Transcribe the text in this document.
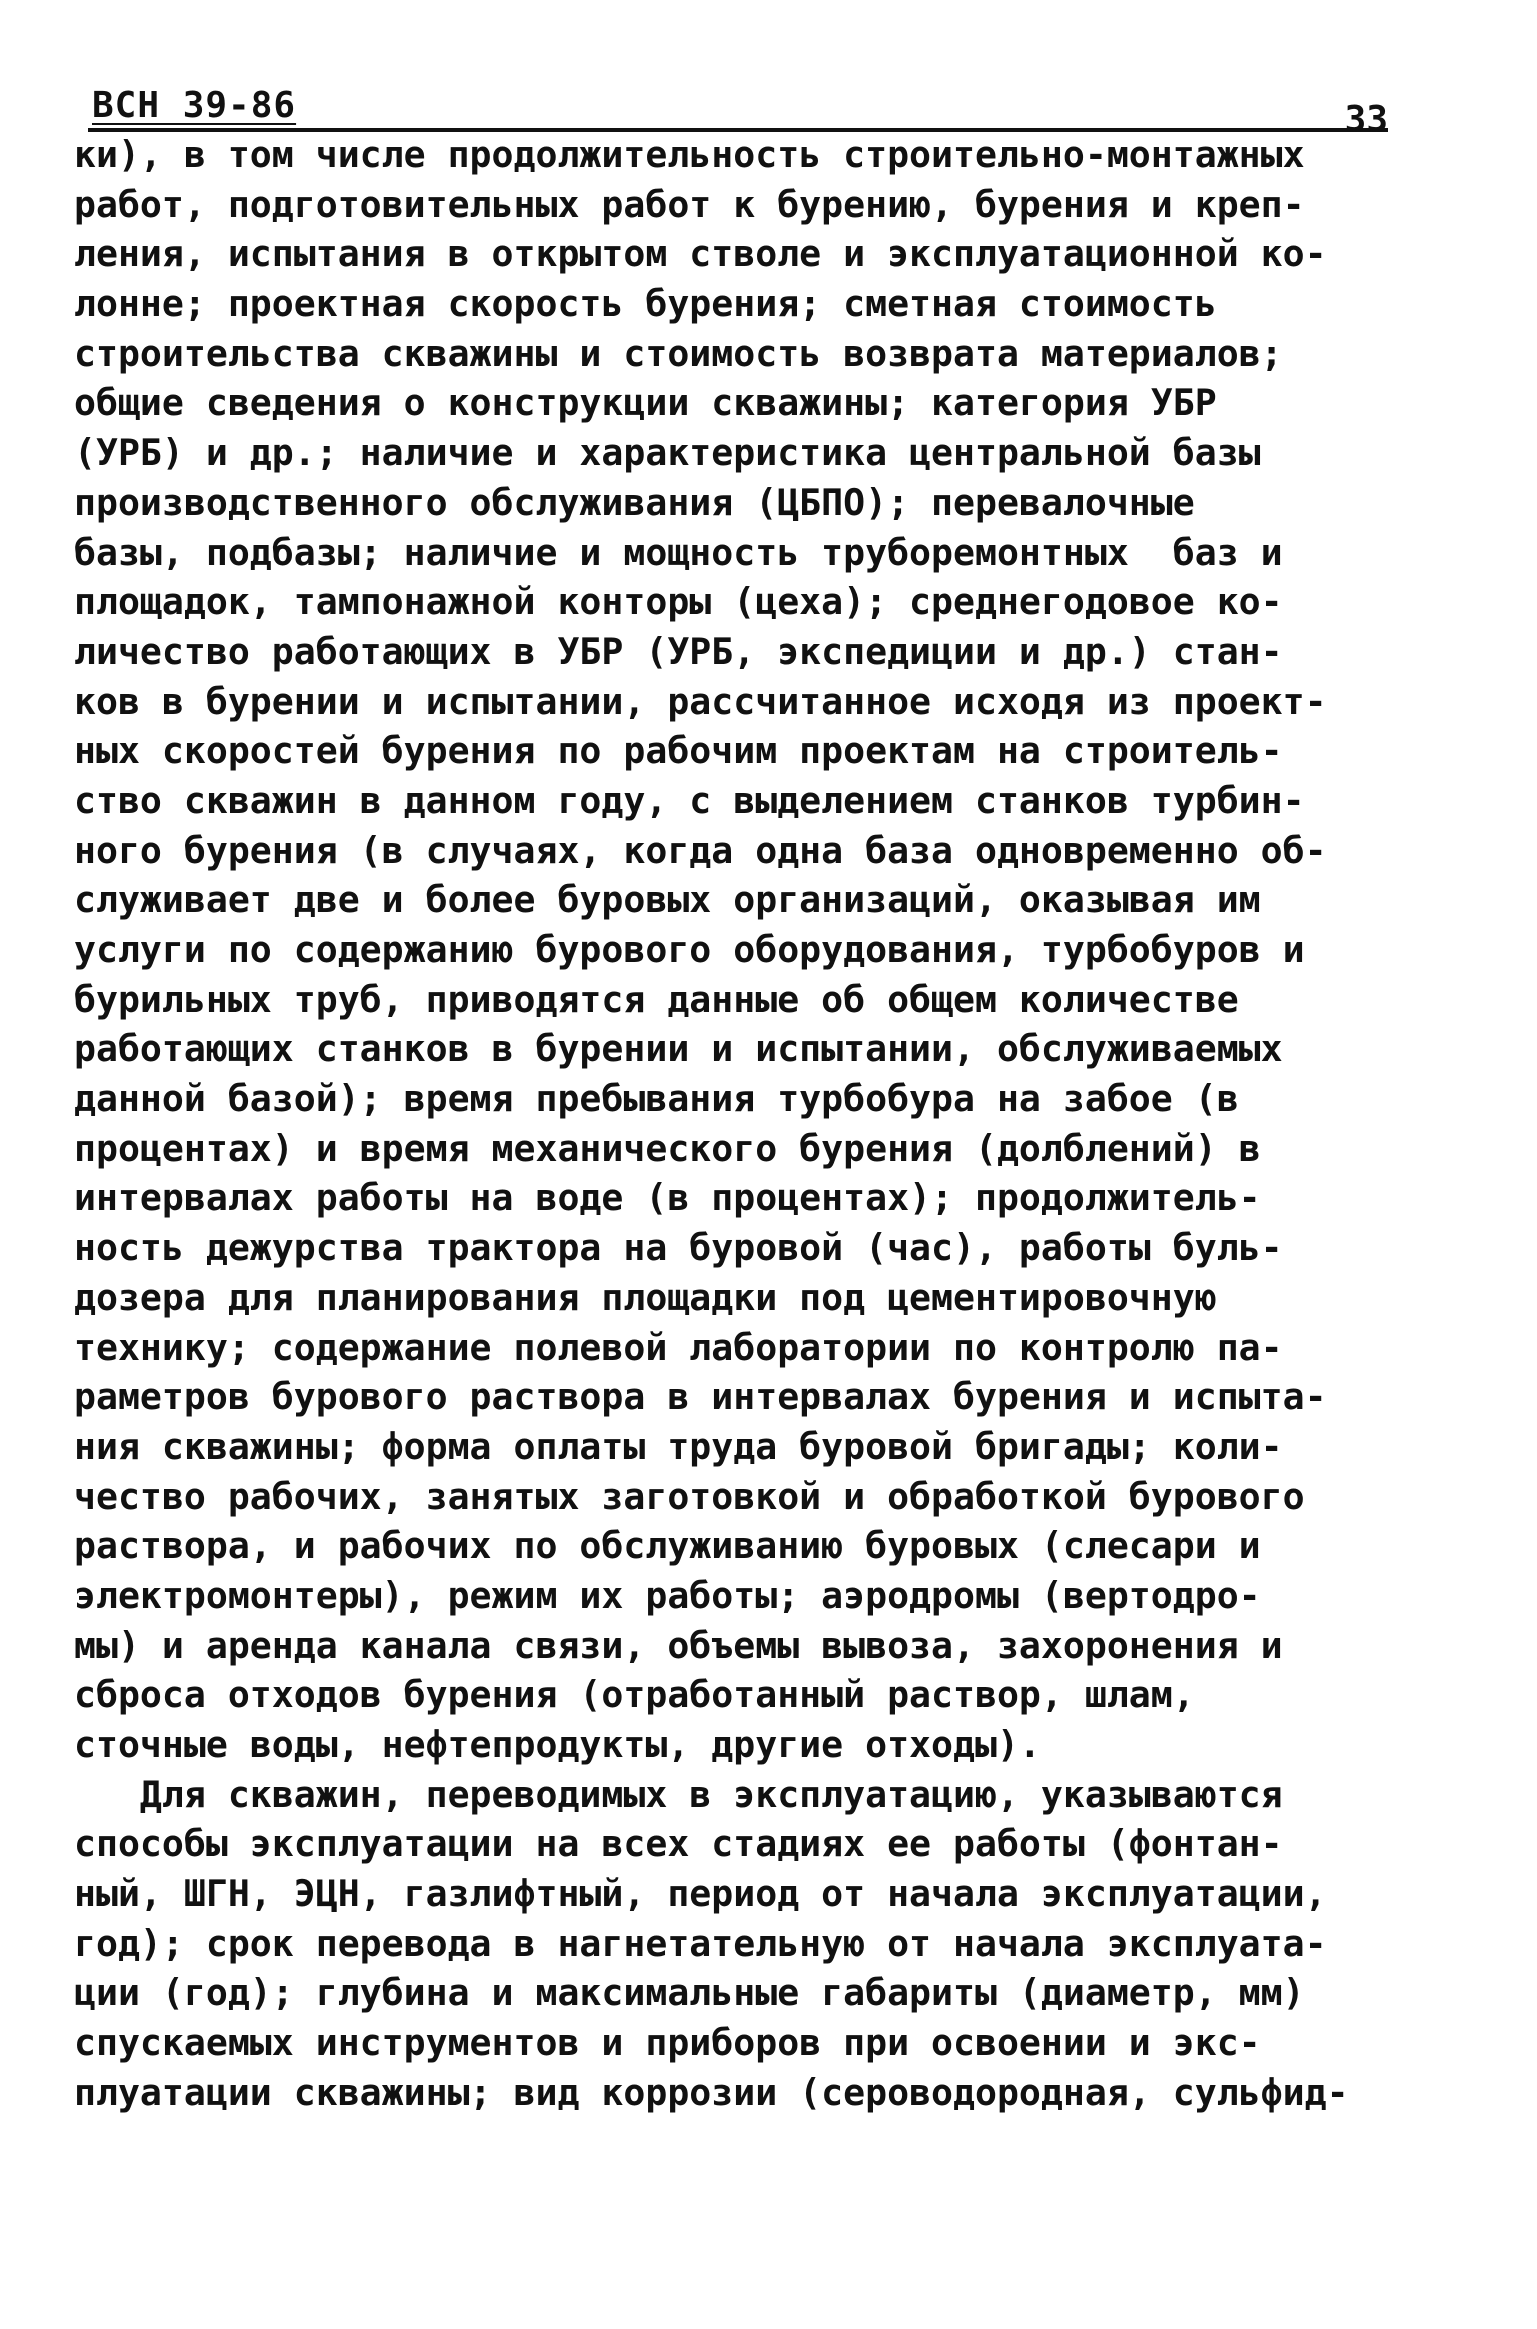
ВСН 39-86	33
ки), в том числе продолжительность строительно-монтажных
работ, подготовительных работ к бурению, бурения и креп-
ления, испытания в открытом стволе и эксплуатационной ко-
лонне; проектная скорость бурения; сметная стоимость
строительства скважины и стоимость возврата материалов;
общие сведения о конструкции скважины; категория УБР
(УРБ) и др.; наличие и характеристика центральной базы
производственного обслуживания (ЦБПО); перевалочные
базы, подбазы; наличие и мощность труборемонтных  баз и
площадок, тампонажной конторы (цеха); среднегодовое ко-
личество работающих в УБР (УРБ, экспедиции и др.) стан-
ков в бурении и испытании, рассчитанное исходя из проект-
ных скоростей бурения по рабочим проектам на строитель-
ство скважин в данном году, с выделением станков турбин-
ного бурения (в случаях, когда одна база одновременно об-
служивает две и более буровых организаций, оказывая им
услуги по содержанию бурового оборудования, турбобуров и
бурильных труб, приводятся данные об общем количестве
работающих станков в бурении и испытании, обслуживаемых
данной базой); время пребывания турбобура на забое (в
процентах) и время механического бурения (долблений) в
интервалах работы на воде (в процентах); продолжитель-
ность дежурства трактора на буровой (час), работы буль-
дозера для планирования площадки под цементировочную
технику; содержание полевой лаборатории по контролю па-
раметров бурового раствора в интервалах бурения и испыта-
ния скважины; форма оплаты труда буровой бригады; коли-
чество рабочих, занятых заготовкой и обработкой бурового
раствора, и рабочих по обслуживанию буровых (слесари и
электромонтеры), режим их работы; аэродромы (вертодро-
мы) и аренда канала связи, объемы вывоза, захоронения и
сброса отходов бурения (отработанный раствор, шлам,
сточные воды, нефтепродукты, другие отходы).
Для скважин, переводимых в эксплуатацию, указываются
способы эксплуатации на всех стадиях ее работы (фонтан-
ный, ШГН, ЭЦН, газлифтный, период от начала эксплуатации,
год); срок перевода в нагнетательную от начала эксплуата-
ции (год); глубина и максимальные габариты (диаметр, мм)
спускаемых инструментов и приборов при освоении и экс-
плуатации скважины; вид коррозии (сероводородная, сульфид-
